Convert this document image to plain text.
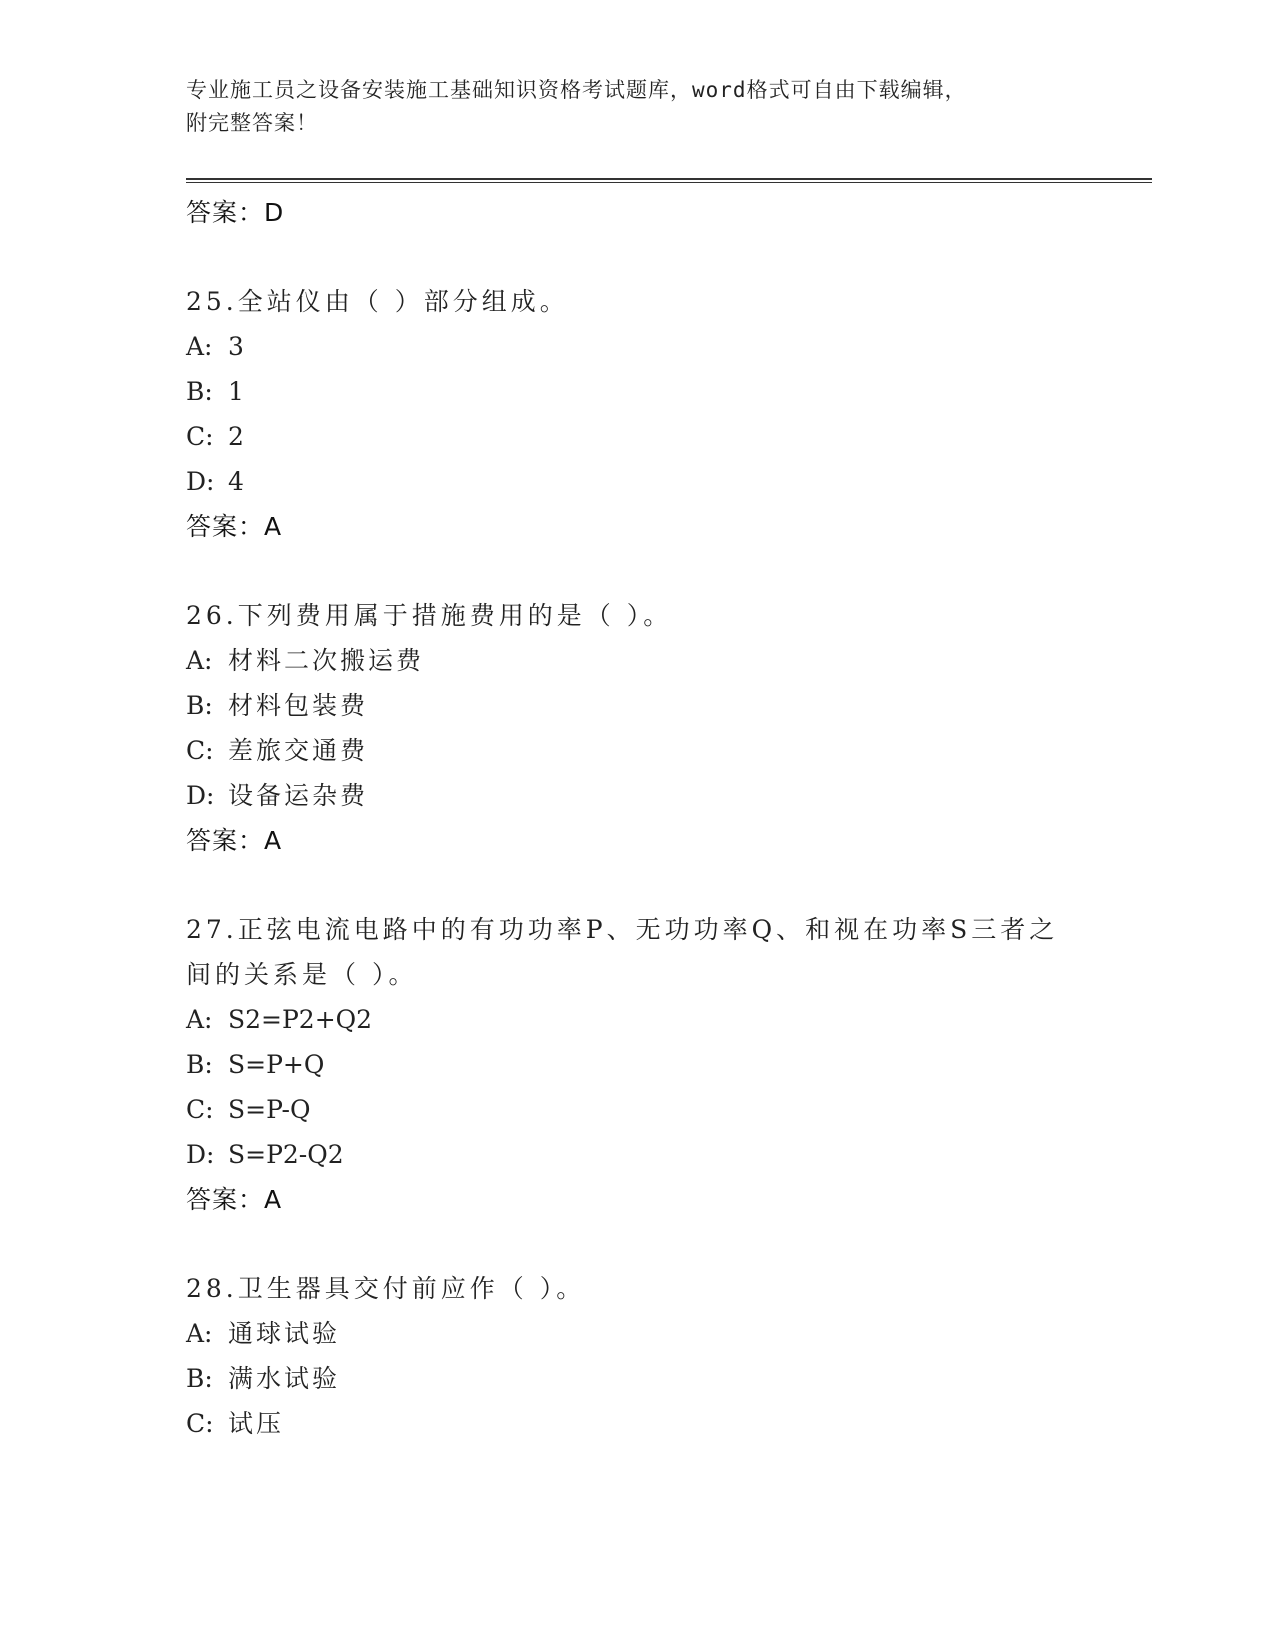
专业施工员之设备安装施工基础知识资格考试题库，word格式可自由下载编辑，
附完整答案！
答案：D
25.全站仪由（ ）部分组成。
A: 3
B: 1
C: 2
D: 4
答案：A
26.下列费用属于措施费用的是（ ）。
A: 材料二次搬运费
B: 材料包装费
C: 差旅交通费
D: 设备运杂费
答案：A
27.正弦电流电路中的有功功率P、无功功率Q、和视在功率S三者之间的关系是（ ）。
A: S2=P2+Q2
B: S=P+Q
C: S=P-Q
D: S=P2-Q2
答案：A
28.卫生器具交付前应作（ ）。
A: 通球试验
B: 满水试验
C: 试压
